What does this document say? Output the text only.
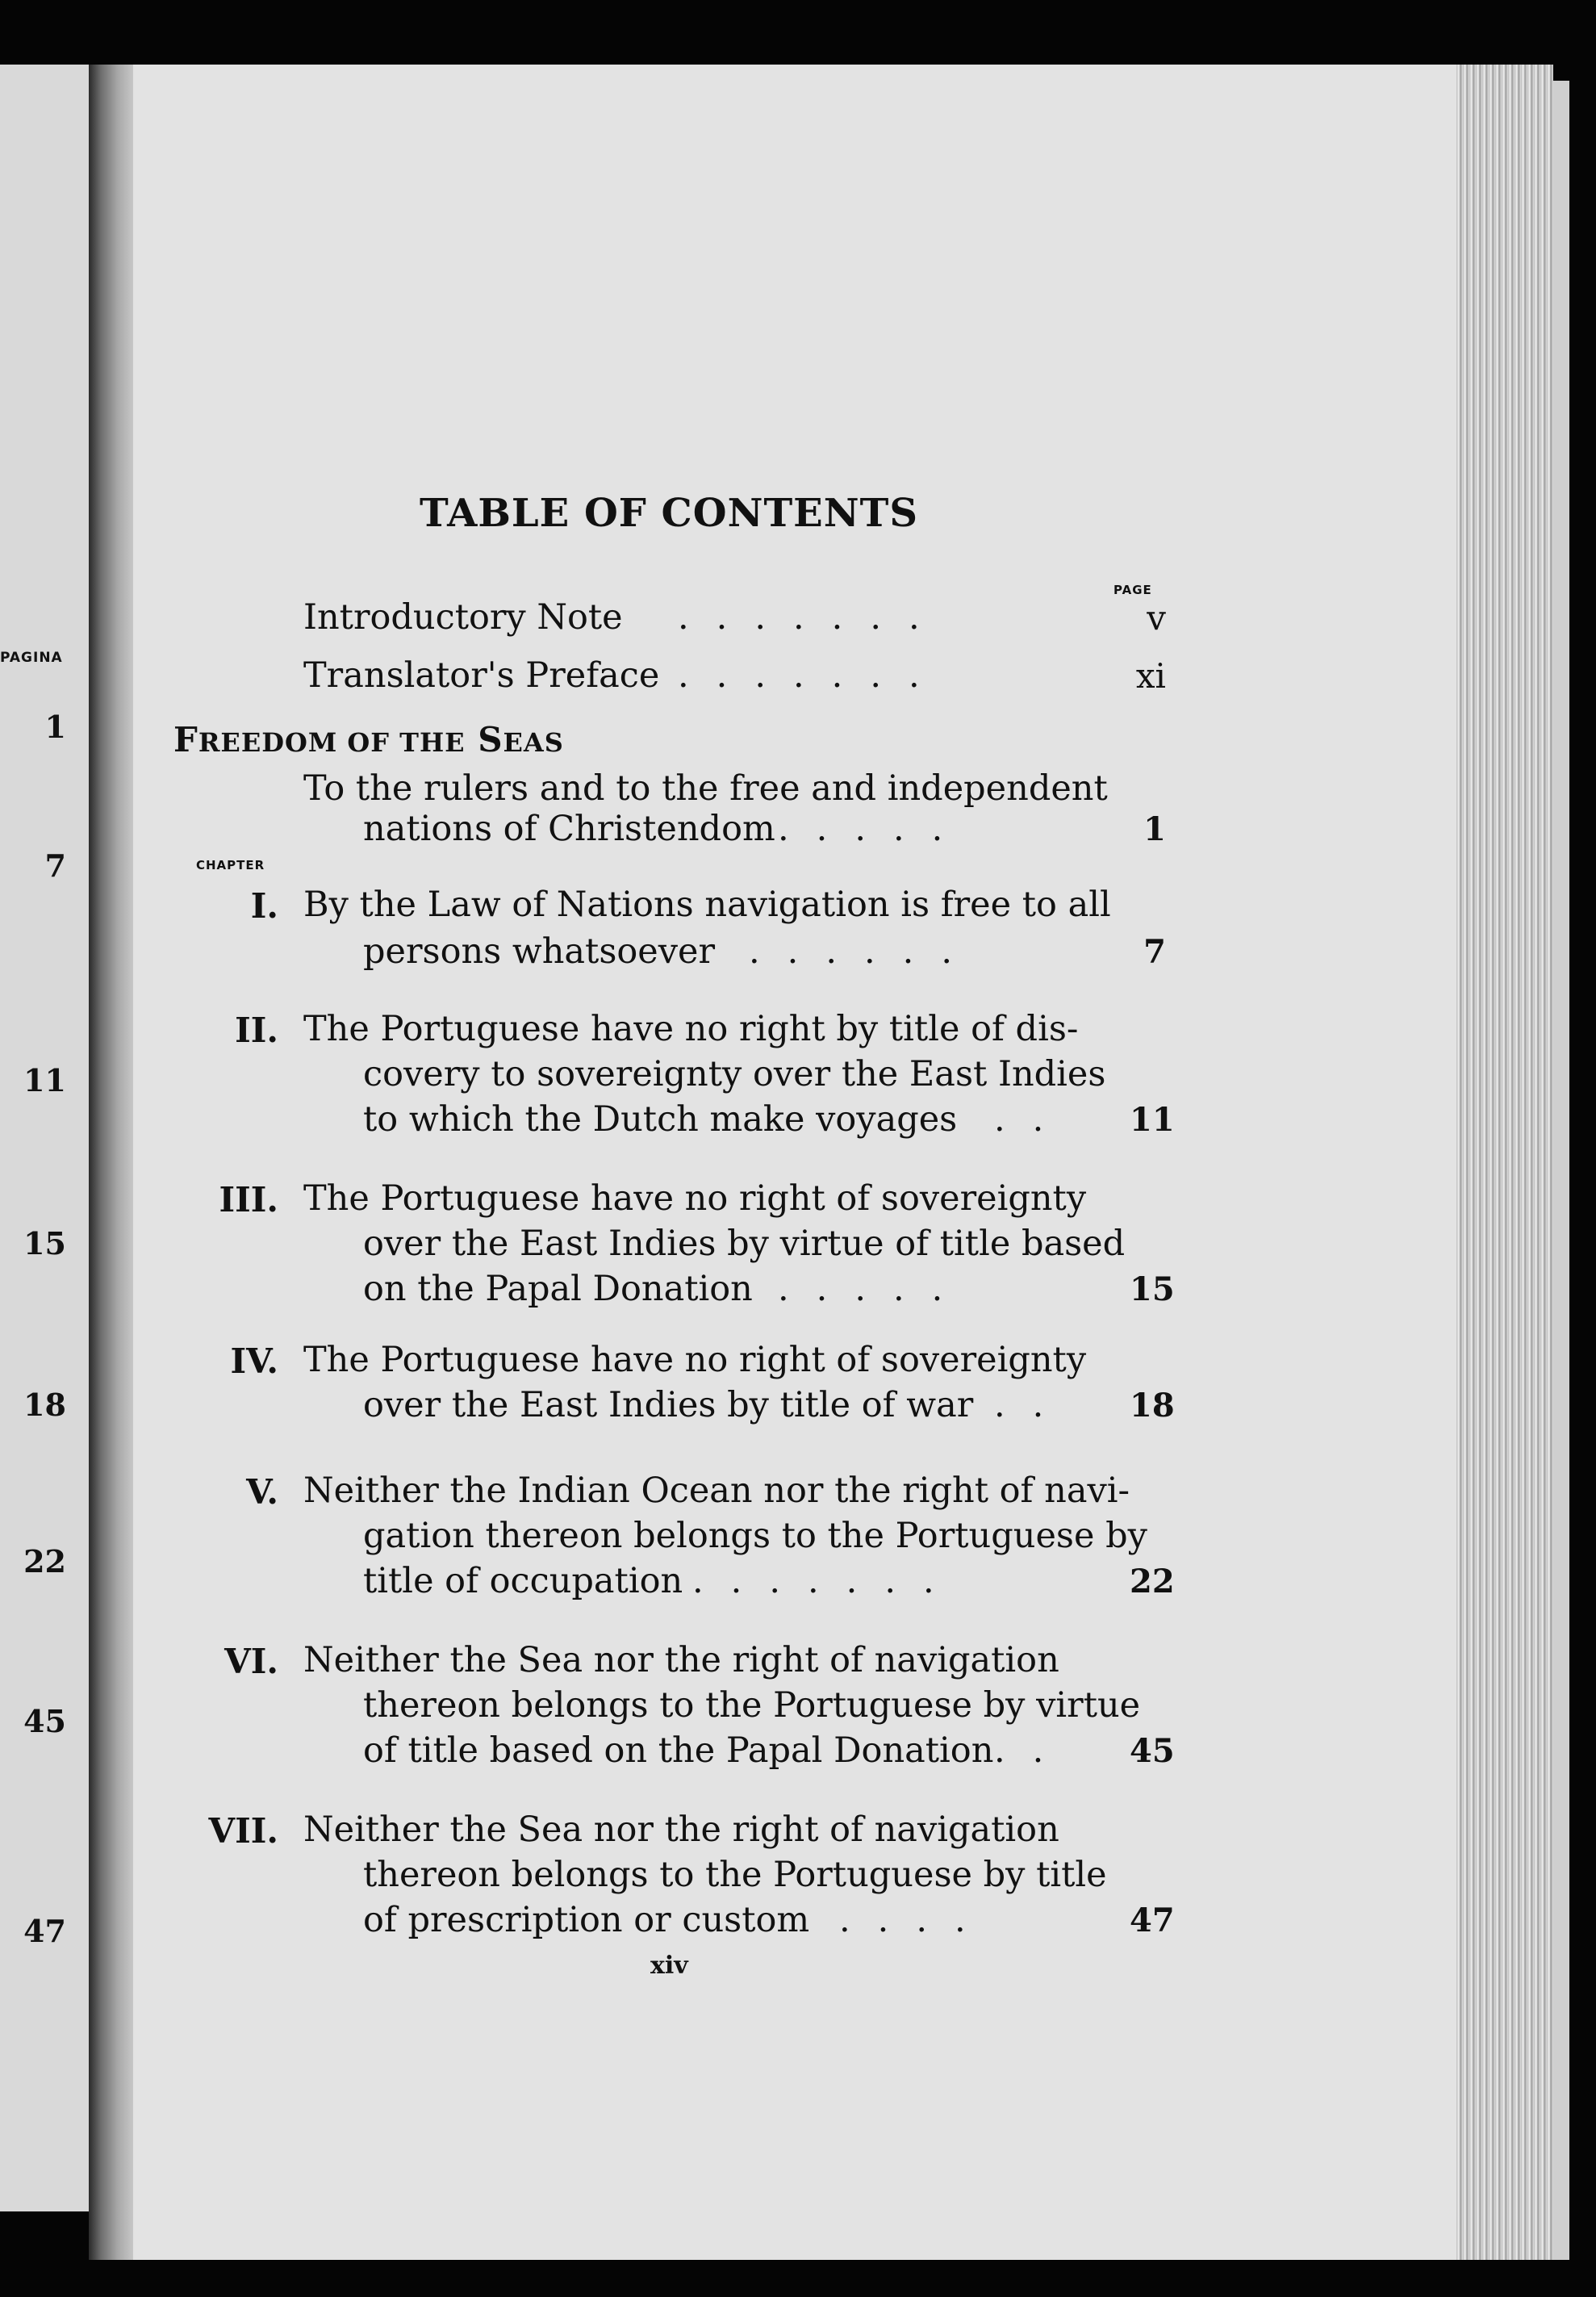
PAGINA
1
7
11
15
18
22
45
47
TABLE OF CONTENTS
PAGE
Introductory Note .......	v
Translator's Preface .......	xi
FREEDOM OF THE SEAS
To the rulers and to the free and independent
nations of Christendom .....	1
CHAPTER
I. By the Law of Nations navigation is free to all
persons whatsoever ......	7
II. The Portuguese have no right by title of dis-
covery to sovereignty over the East Indies
to which the Dutch make voyages .. 11
III. The Portuguese have no right of sovereignty
over the East Indies by virtue of title based
on the Papal Donation .....	15
IV. The Portuguese have no right of sovereignty
over the East Indies by title of war .. 18
V. Neither the Indian Ocean nor the right of navi-
gation thereon belongs to the Portuguese by
title of occupation .......	22
VI. Neither the Sea nor the right of navigation
thereon belongs to the Portuguese by virtue
of title based on the Papal Donation .. 45
VII. Neither the Sea nor the right of navigation
thereon belongs to the Portuguese by title
of prescription or custom ....	47
xiv
